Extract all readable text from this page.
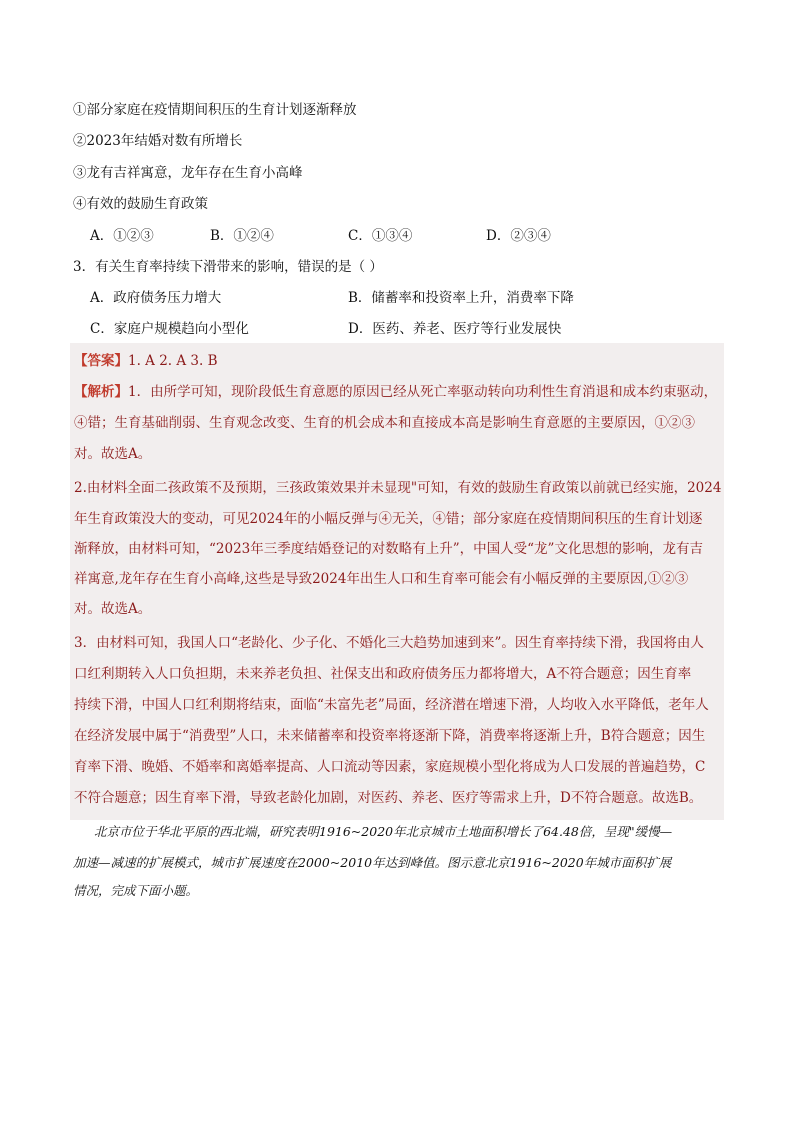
①部分家庭在疫情期间积压的生育计划逐渐释放
②2023年结婚对数有所增长
③龙有吉祥寓意，龙年存在生育小高峰
④有效的鼓励生育政策
A．①②③	B．①②④	C．①③④	D．②③④
3．有关生育率持续下滑带来的影响，错误的是（ ）
A．政府债务压力增大	B．储蓄率和投资率上升，消费率下降
C．家庭户规模趋向小型化	D．医药、养老、医疗等行业发展快
【答案】1. A 2. A 3. B
【解析】1．由所学可知，现阶段低生育意愿的原因已经从死亡率驱动转向功利性生育消退和成本约束驱动，
④错；生育基础削弱、生育观念改变、生育的机会成本和直接成本高是影响生育意愿的主要原因，①②③
对。故选A。
2.由材料全面二孩政策不及预期，三孩政策效果并未显现"可知，有效的鼓励生育政策以前就已经实施，2024
年生育政策没大的变动，可见2024年的小幅反弹与④无关，④错；部分家庭在疫情期间积压的生育计划逐
渐释放，由材料可知，“2023年三季度结婚登记的对数略有上升”，中国人受“龙”文化思想的影响，龙有吉
祥寓意,龙年存在生育小高峰,这些是导致2024年出生人口和生育率可能会有小幅反弹的主要原因,①②③
对。故选A。
3．由材料可知，我国人口“老龄化、少子化、不婚化三大趋势加速到来”。因生育率持续下滑，我国将由人
口红利期转入人口负担期，未来养老负担、社保支出和政府债务压力都将增大，A不符合题意；因生育率
持续下滑，中国人口红利期将结束，面临“未富先老”局面，经济潜在增速下滑，人均收入水平降低，老年人
在经济发展中属于“消费型”人口，未来储蓄率和投资率将逐渐下降，消费率将逐渐上升，B符合题意；因生
育率下滑、晚婚、不婚率和离婚率提高、人口流动等因素，家庭规模小型化将成为人口发展的普遍趋势，C
不符合题意；因生育率下滑，导致老龄化加剧，对医药、养老、医疗等需求上升，D不符合题意。故选B。
北京市位于华北平原的西北端，研究表明1916~2020年北京城市土地面积增长了64.48倍，呈现"缓慢—
加速—减速的扩展模式，城市扩展速度在2000~2010年达到峰值。图示意北京1916~2020年城市面积扩展
情况，完成下面小题。
